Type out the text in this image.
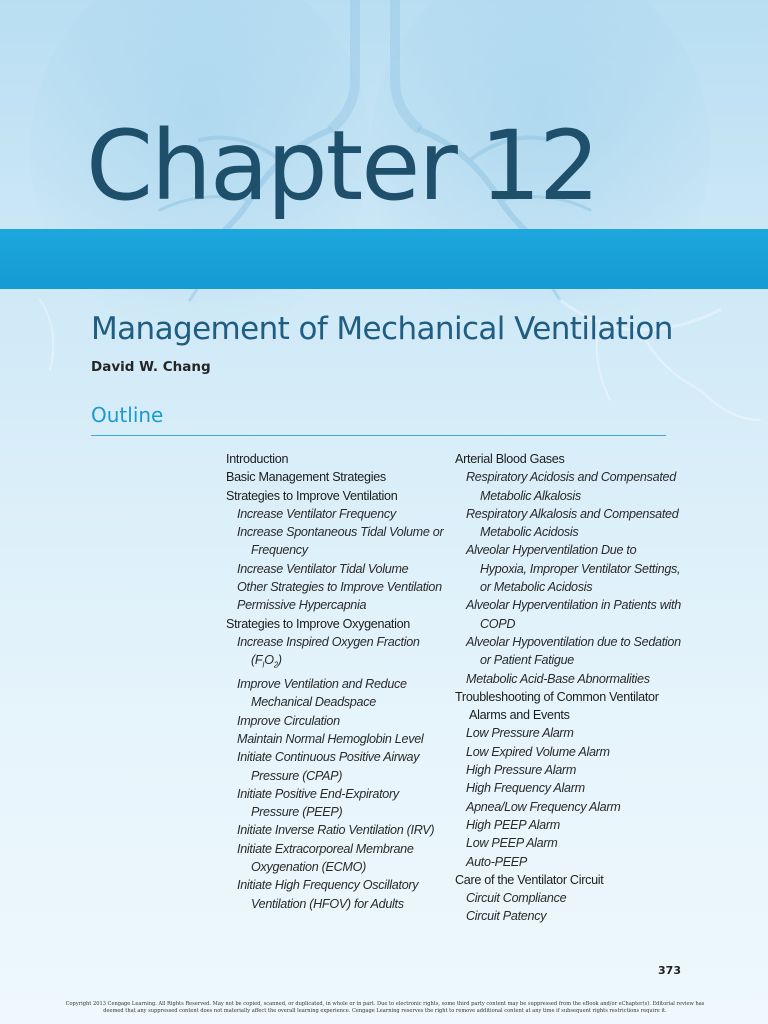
Chapter 12
Management of Mechanical Ventilation
David W. Chang
Outline
Introduction
Basic Management Strategies
Strategies to Improve Ventilation
Increase Ventilator Frequency
Increase Spontaneous Tidal Volume or Frequency
Increase Ventilator Tidal Volume
Other Strategies to Improve Ventilation
Permissive Hypercapnia
Strategies to Improve Oxygenation
Increase Inspired Oxygen Fraction $(F_IO_2)$
Improve Ventilation and Reduce Mechanical Deadspace
Improve Circulation
Maintain Normal Hemoglobin Level
Initiate Continuous Positive Airway Pressure (CPAP)
Initiate Positive End-Expiratory Pressure (PEEP)
Initiate Inverse Ratio Ventilation (IRV)
Initiate Extracorporeal Membrane Oxygenation (ECMO)
Initiate High Frequency Oscillatory Ventilation (HFOV) for Adults
Arterial Blood Gases
Respiratory Acidosis and Compensated Metabolic Alkalosis
Respiratory Alkalosis and Compensated Metabolic Acidosis
Alveolar Hyperventilation Due to Hypoxia, Improper Ventilator Settings, or Metabolic Acidosis
Alveolar Hyperventilation in Patients with COPD
Alveolar Hypoventilation due to Sedation or Patient Fatigue
Metabolic Acid-Base Abnormalities
Troubleshooting of Common Ventilator Alarms and Events
Low Pressure Alarm
Low Expired Volume Alarm
High Pressure Alarm
High Frequency Alarm
Apnea/Low Frequency Alarm
High PEEP Alarm
Low PEEP Alarm
Auto-PEEP
Care of the Ventilator Circuit
Circuit Compliance
Circuit Patency
373
Copyright 2013 Cengage Learning. All Rights Reserved. May not be copied, scanned, or duplicated, in whole or in part. Due to electronic rights, some third party content may be suppressed from the eBook and/or eChapter(s). Editorial review has deemed that any suppressed content does not materially affect the overall learning experience. Cengage Learning reserves the right to remove additional content at any time if subsequent rights restrictions require it.
